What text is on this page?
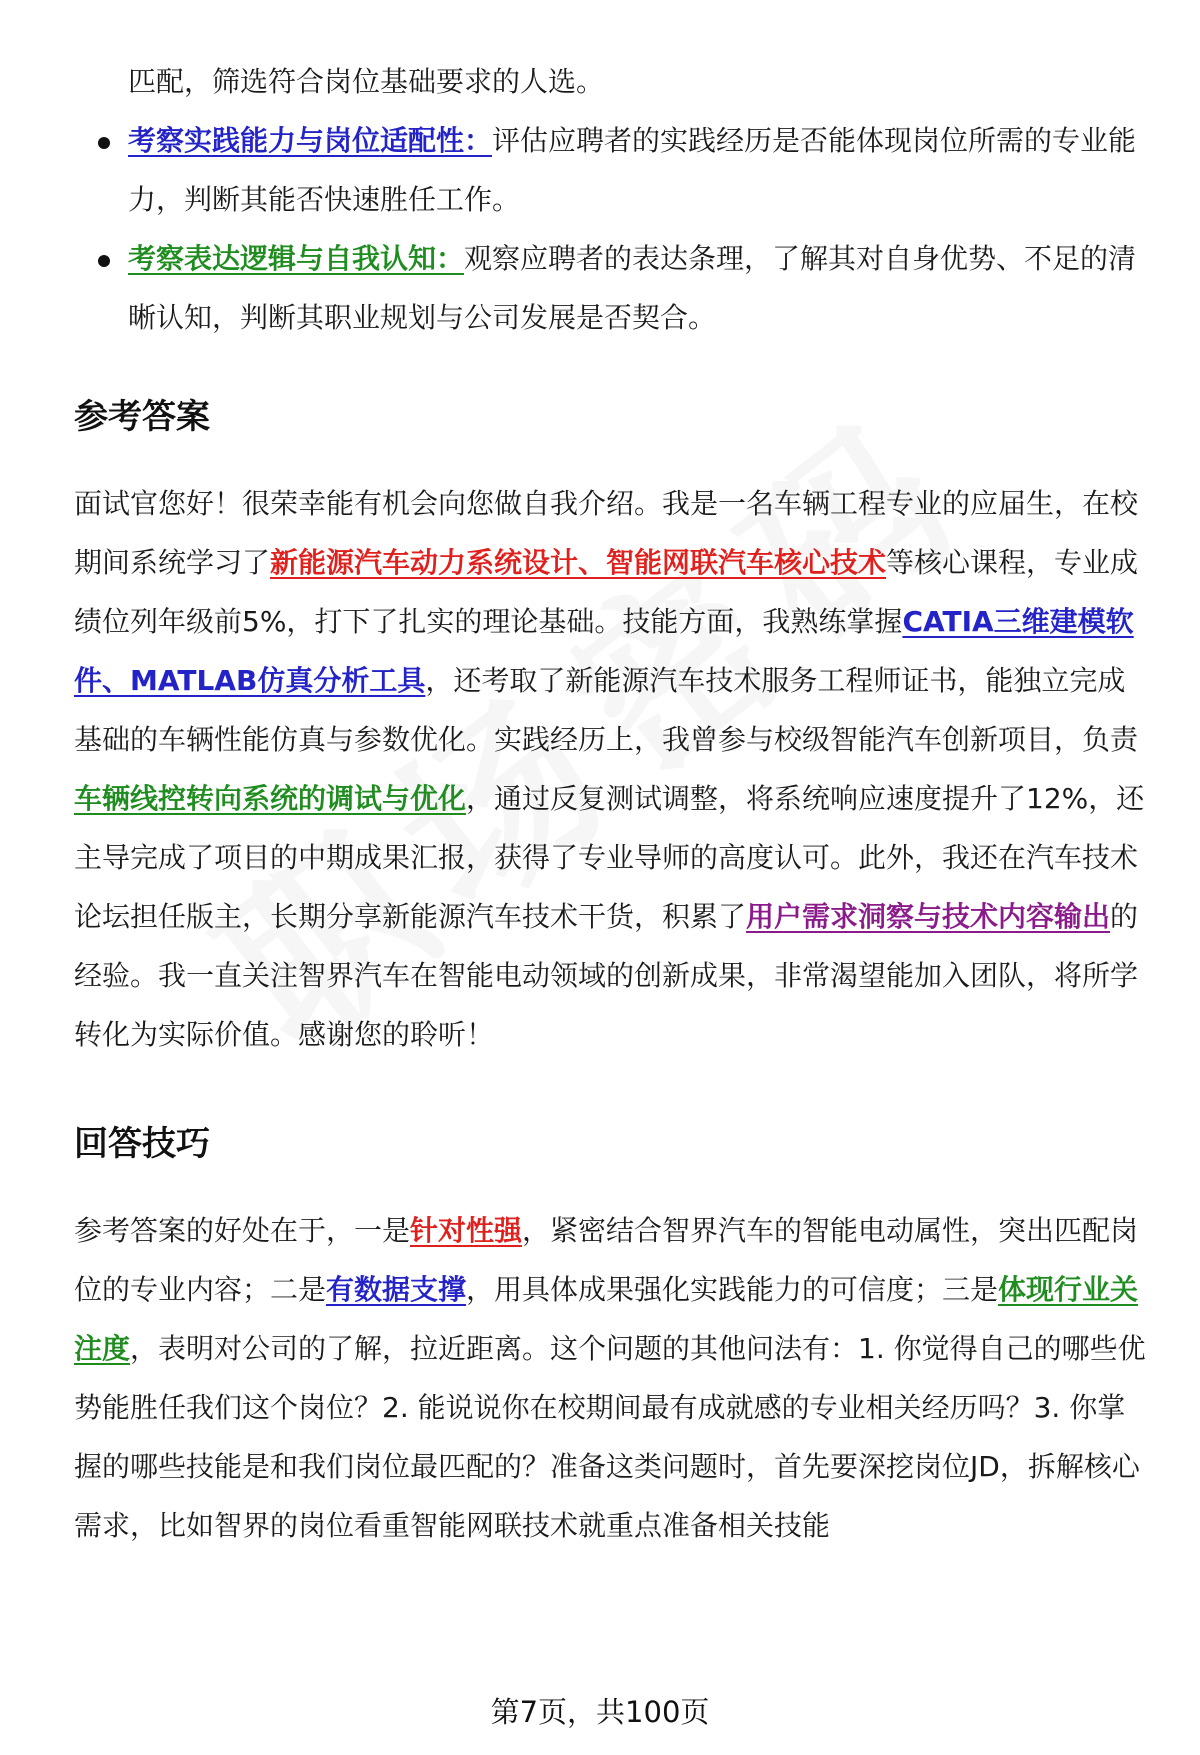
匹配，筛选符合岗位基础要求的人选。
考察实践能力与岗位适配性：评估应聘者的实践经历是否能体现岗位所需的专业能力，判断其能否快速胜任工作。
考察表达逻辑与自我认知：观察应聘者的表达条理，了解其对自身优势、不足的清晰认知，判断其职业规划与公司发展是否契合。
参考答案

面试官您好！很荣幸能有机会向您做自我介绍。我是一名车辆工程专业的应届生，在校期间系统学习了新能源汽车动力系统设计、智能网联汽车核心技术等核心课程，专业成绩位列年级前5%，打下了扎实的理论基础。技能方面，我熟练掌握CATIA三维建模软件、MATLAB仿真分析工具，还考取了新能源汽车技术服务工程师证书，能独立完成基础的车辆性能仿真与参数优化。实践经历上，我曾参与校级智能汽车创新项目，负责车辆线控转向系统的调试与优化，通过反复测试调整，将系统响应速度提升了12%，还主导完成了项目的中期成果汇报，获得了专业导师的高度认可。此外，我还在汽车技术论坛担任版主，长期分享新能源汽车技术干货，积累了用户需求洞察与技术内容输出的经验。我一直关注智界汽车在智能电动领域的创新成果，非常渴望能加入团队，将所学转化为实际价值。感谢您的聆听！

回答技巧

参考答案的好处在于，一是针对性强，紧密结合智界汽车的智能电动属性，突出匹配岗位的专业内容；二是有数据支撑，用具体成果强化实践能力的可信度；三是体现行业关注度，表明对公司的了解，拉近距离。这个问题的其他问法有：1. 你觉得自己的哪些优势能胜任我们这个岗位？2. 能说说你在校期间最有成就感的专业相关经历吗？3. 你掌握的哪些技能是和我们岗位最匹配的？准备这类问题时，首先要深挖岗位JD，拆解核心需求，比如智界的岗位看重智能网联技术就重点准备相关技能

第7页，共100页
